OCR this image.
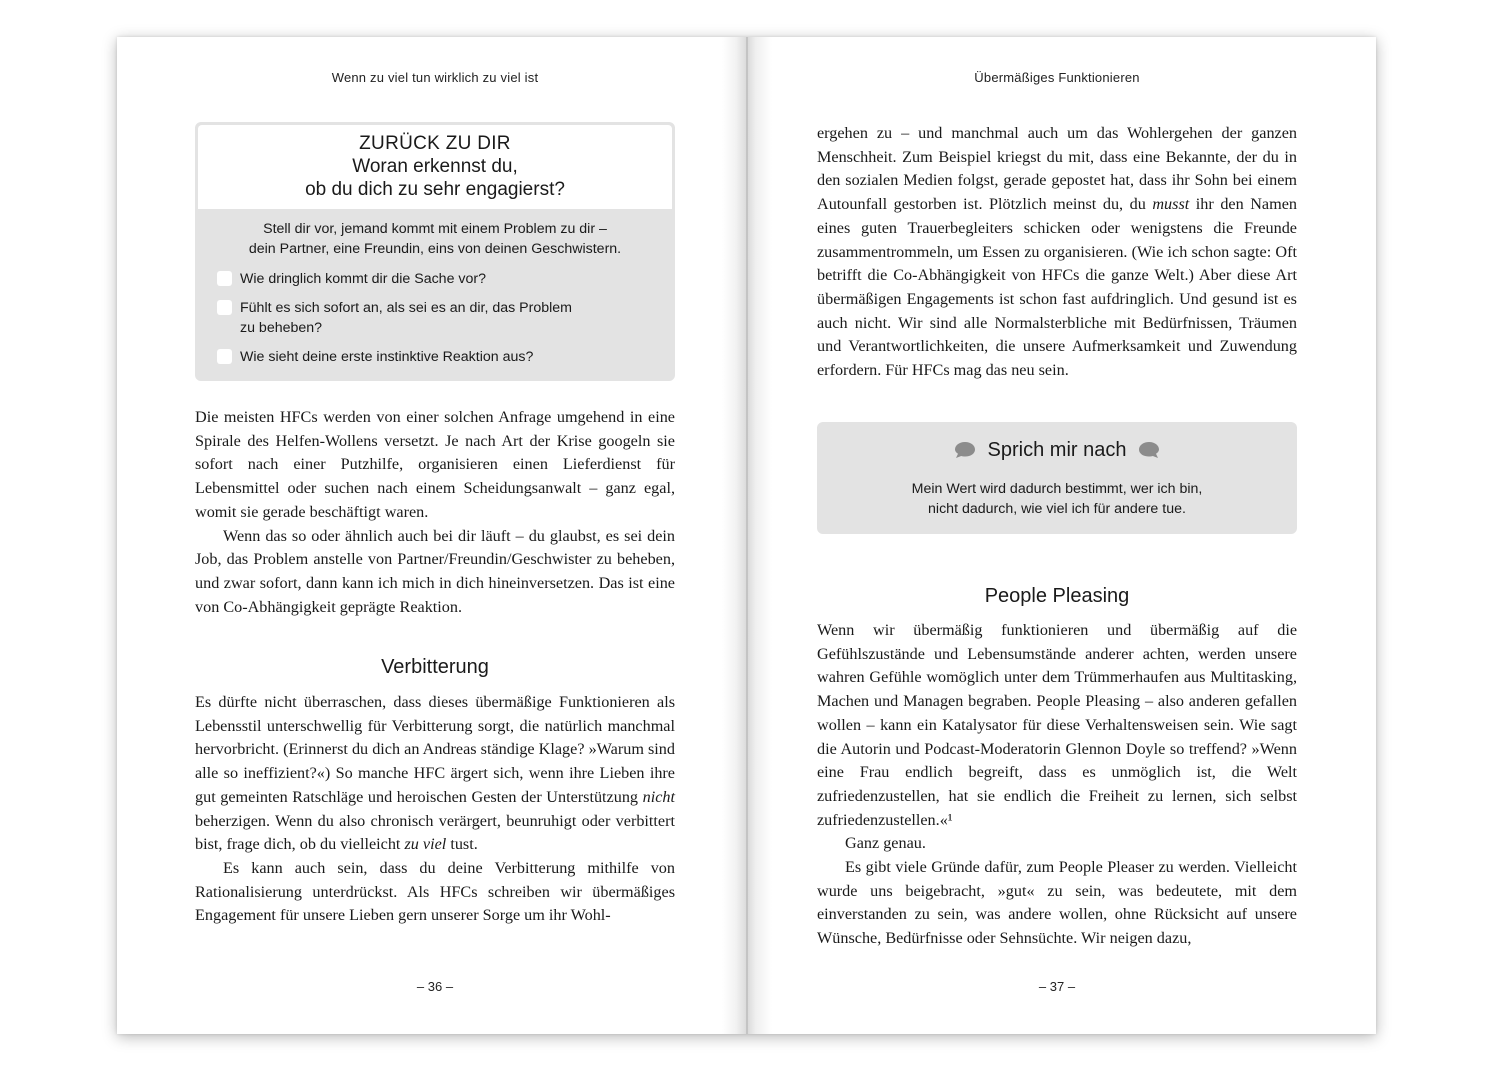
Wenn zu viel tun wirklich zu viel ist
ZURÜCK ZU DIR
Woran erkennst du,
ob du dich zu sehr engagierst?
Stell dir vor, jemand kommt mit einem Problem zu dir –
dein Partner, eine Freundin, eins von deinen Geschwistern.
Wie dringlich kommt dir die Sache vor?
Fühlt es sich sofort an, als sei es an dir, das Problem
zu beheben?
Wie sieht deine erste instinktive Reaktion aus?

Die meisten HFCs werden von einer solchen Anfrage umgehend in eine Spirale des Helfen-Wollens versetzt. Je nach Art der Krise googeln sie sofort nach einer Putzhilfe, organisieren einen Lieferdienst für Lebensmittel oder suchen nach einem Scheidungsanwalt – ganz egal, womit sie gerade beschäftigt waren.

Wenn das so oder ähnlich auch bei dir läuft – du glaubst, es sei dein Job, das Problem anstelle von Partner/Freundin/Geschwister zu beheben, und zwar sofort, dann kann ich mich in dich hineinversetzen. Das ist eine von Co-Abhängigkeit geprägte Reaktion.

Verbitterung

Es dürfte nicht überraschen, dass dieses übermäßige Funktionieren als Lebensstil unterschwellig für Verbitterung sorgt, die natürlich manchmal hervorbricht. (Erinnerst du dich an Andreas ständige Klage? »Warum sind alle so ineffizient?«) So manche HFC ärgert sich, wenn ihre Lieben ihre gut gemeinten Ratschläge und heroischen Gesten der Unterstützung nicht beherzigen. Wenn du also chronisch verärgert, beunruhigt oder verbittert bist, frage dich, ob du vielleicht zu viel tust.

Es kann auch sein, dass du deine Verbitterung mithilfe von Rationalisierung unterdrückst. Als HFCs schreiben wir übermäßiges Engagement für unsere Lieben gern unserer Sorge um ihr Wohl-

– 36 –
Übermäßiges Funktionieren

ergehen zu – und manchmal auch um das Wohlergehen der ganzen Menschheit. Zum Beispiel kriegst du mit, dass eine Bekannte, der du in den sozialen Medien folgst, gerade gepostet hat, dass ihr Sohn bei einem Autounfall gestorben ist. Plötzlich meinst du, du musst ihr den Namen eines guten Trauerbegleiters schicken oder wenigstens die Freunde zusammentrommeln, um Essen zu organisieren. (Wie ich schon sagte: Oft betrifft die Co-Abhängigkeit von HFCs die ganze Welt.) Aber diese Art übermäßigen Engagements ist schon fast aufdringlich. Und gesund ist es auch nicht. Wir sind alle Normalsterbliche mit Bedürfnissen, Träumen und Verantwortlichkeiten, die unsere Aufmerksamkeit und Zuwendung erfordern. Für HFCs mag das neu sein.

Sprich mir nach
Mein Wert wird dadurch bestimmt, wer ich bin,
nicht dadurch, wie viel ich für andere tue.
People Pleasing

Wenn wir übermäßig funktionieren und übermäßig auf die Gefühlszustände und Lebensumstände anderer achten, werden unsere wahren Gefühle womöglich unter dem Trümmerhaufen aus Multitasking, Machen und Managen begraben. People Pleasing – also anderen gefallen wollen – kann ein Katalysator für diese Verhaltensweisen sein. Wie sagt die Autorin und Podcast-Moderatorin Glennon Doyle so treffend? »Wenn eine Frau endlich begreift, dass es unmöglich ist, die Welt zufriedenzustellen, hat sie endlich die Freiheit zu lernen, sich selbst zufriedenzustellen.«¹

Ganz genau.

Es gibt viele Gründe dafür, zum People Pleaser zu werden. Vielleicht wurde uns beigebracht, »gut« zu sein, was bedeutete, mit dem einverstanden zu sein, was andere wollen, ohne Rücksicht auf unsere Wünsche, Bedürfnisse oder Sehnsüchte. Wir neigen dazu,

– 37 –
